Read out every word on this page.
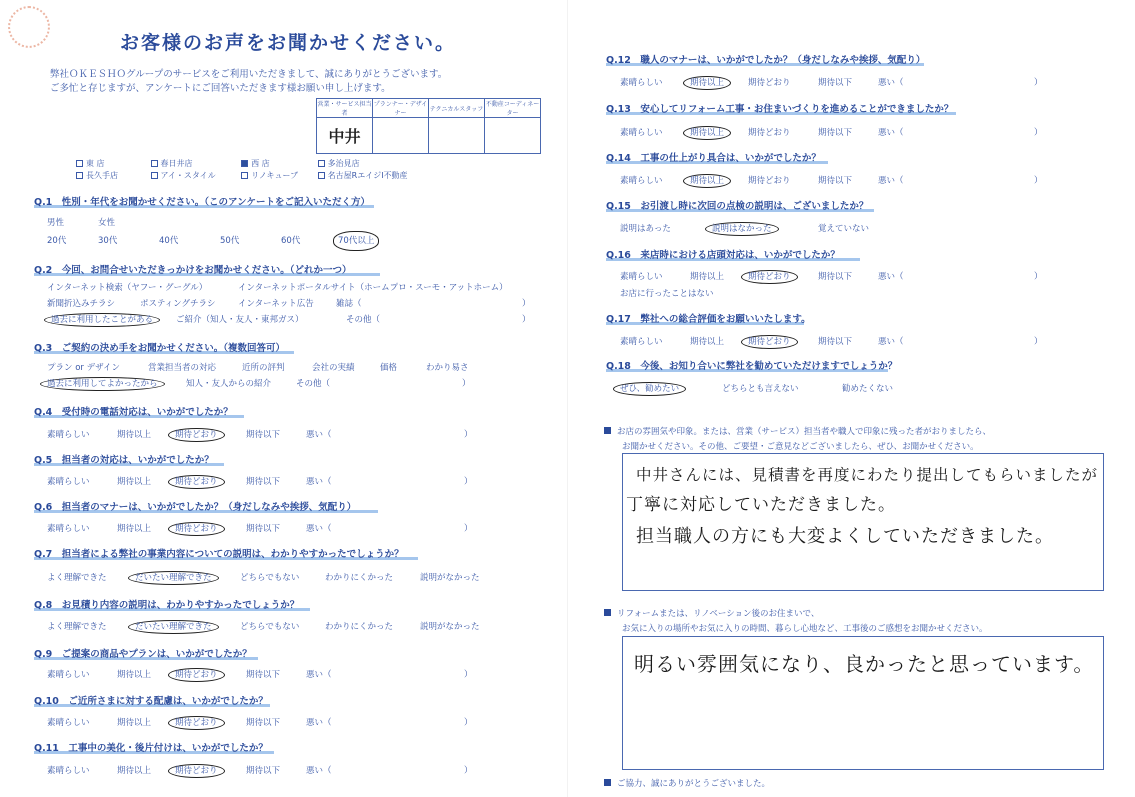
お客様のお声をお聞かせください。
弊社ＯＫＥＳＨＯグループのサービスをご利用いただきまして、誠にありがとうございます。
ご多忙と存じますが、アンケートにご回答いただきます様お願い申し上げます。
営業・サービス担当者	プランナー・デザイナー	テクニカルスタッフ	不動産コーディネーター
中井			
東 店	春日井店	西 店	多治見店
長久手店	アイ・スタイル	リノキューブ	名古屋RエイジI不動産
Q.1　性別・年代をお聞かせください。（このアンケートをご記入いただく方）
男性	女性
20代	30代	40代	50代	60代	70代以上
Q.2　今回、お問合せいただきっかけをお聞かせください。（どれか一つ）
インターネット検索（ヤフー・グーグル）	インターネットポータルサイト（ホームプロ・スーモ・アットホーム）
新聞折込みチラシ	ポスティングチラシ	インターネット広告	雑誌（	）
過去に利用したことがある	ご紹介（知人・友人・東邦ガス）	その他（	）
Q.3　ご契約の決め手をお聞かせください。（複数回答可）
プラン or デザイン	営業担当者の対応	近所の評判	会社の実績	価格	わかり易さ
過去に利用してよかったから	知人・友人からの紹介	その他（	）
Q.4　受付時の電話対応は、いかがでしたか？
素晴らしい	期待以上	期待どおり	期待以下	悪い（	）
Q.5　担当者の対応は、いかがでしたか？
素晴らしい	期待以上	期待どおり	期待以下	悪い（	）
Q.6　担当者のマナーは、いかがでしたか？（身だしなみや挨拶、気配り）
素晴らしい	期待以上	期待どおり	期待以下	悪い（	）
Q.7　担当者による弊社の事業内容についての説明は、わかりやすかったでしょうか？
よく理解できた	だいたい理解できた	どちらでもない	わかりにくかった	説明がなかった
Q.8　お見積り内容の説明は、わかりやすかったでしょうか？
よく理解できた	だいたい理解できた	どちらでもない	わかりにくかった	説明がなかった
Q.9　ご提案の商品やプランは、いかがでしたか？
素晴らしい	期待以上	期待どおり	期待以下	悪い（	）
Q.10　ご近所さまに対する配慮は、いかがでしたか？
素晴らしい	期待以上	期待どおり	期待以下	悪い（	）
Q.11　工事中の美化・後片付けは、いかがでしたか？
素晴らしい	期待以上	期待どおり	期待以下	悪い（	）
Q.12　職人のマナーは、いかがでしたか？（身だしなみや挨拶、気配り）
素晴らしい	期待以上	期待どおり	期待以下	悪い（	）
Q.13　安心してリフォーム工事・お住まいづくりを進めることができましたか？
素晴らしい	期待以上	期待どおり	期待以下	悪い（	）
Q.14　工事の仕上がり具合は、いかがでしたか？
素晴らしい	期待以上	期待どおり	期待以下	悪い（	）
Q.15　お引渡し時に次回の点検の説明は、ございましたか？
説明はあった	説明はなかった	覚えていない
Q.16　来店時における店頭対応は、いかがでしたか？
素晴らしい	期待以上	期待どおり	期待以下	悪い（	）
お店に行ったことはない
Q.17　弊社への総合評価をお願いいたします。
素晴らしい	期待以上	期待どおり	期待以下	悪い（	）
Q.18　今後、お知り合いに弊社を勧めていただけますでしょうか？
ぜひ、勧めたい	どちらとも言えない	勧めたくない
お店の雰囲気や印象。または、営業（サービス）担当者や職人で印象に残った者がおりましたら、
お聞かせください。その他、ご要望・ご意見などございましたら、ぜひ、お聞かせください。
中井さんには、見積書を再度にわたり提出してもらいましたが
丁寧に対応していただきました。
担当職人の方にも大変よくしていただきました。
リフォームまたは、リノベーション後のお住まいで、
お気に入りの場所やお気に入りの時間、暮らし心地など、工事後のご感想をお聞かせください。
明るい雰囲気になり、良かったと思っています。
ご協力、誠にありがとうございました。
